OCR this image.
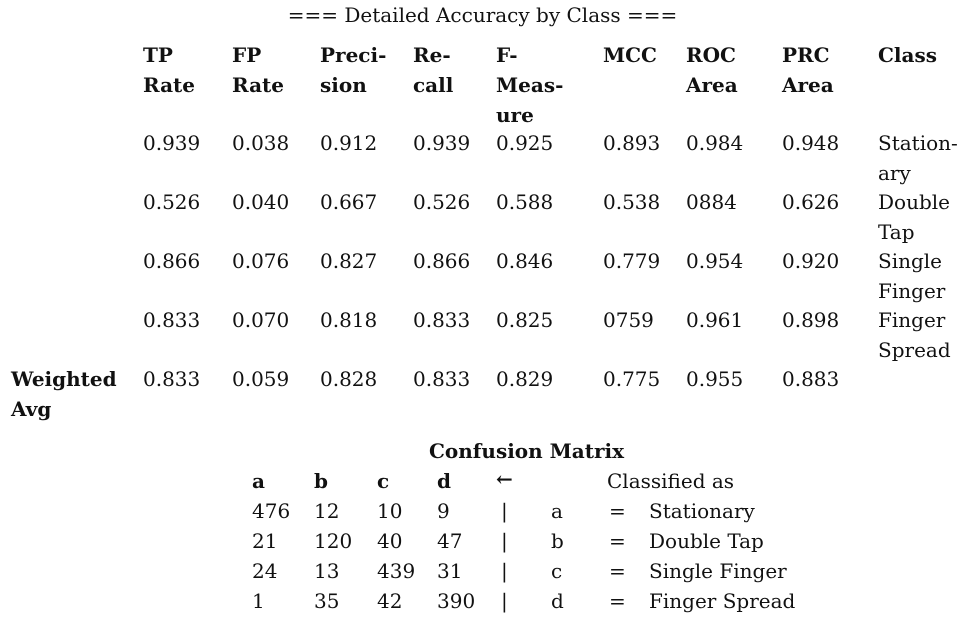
=== Detailed Accuracy by Class ===
TP
Rate
FP
Rate
Preci-
sion
Re-
call
F-
Meas-
ure
MCC ROC
Area
PRC
Area
Class
0.939 0.038 0.912 0.939 0.925 0.893 0.984 0.948 Station-
ary
0.526 0.040 0.667 0.526 0.588 0.538 0884 0.626 Double
Tap
0.866 0.076 0.827 0.866 0.846 0.779 0.954 0.920 Single
Finger
0.833 0.070 0.818 0.833 0.825 0759 0.961 0.898 Finger
Spread
Weighted
Avg
0.833 0.059 0.828 0.833 0.829 0.775 0.955 0.883
Confusion Matrix
a b c d ←	Classified as
476 12 10 9	| a = Stationary
21 120 40 47 | b = Double Tap
24 13 439 31 | c = Single Finger
1 35 42 390 | d = Finger Spread
